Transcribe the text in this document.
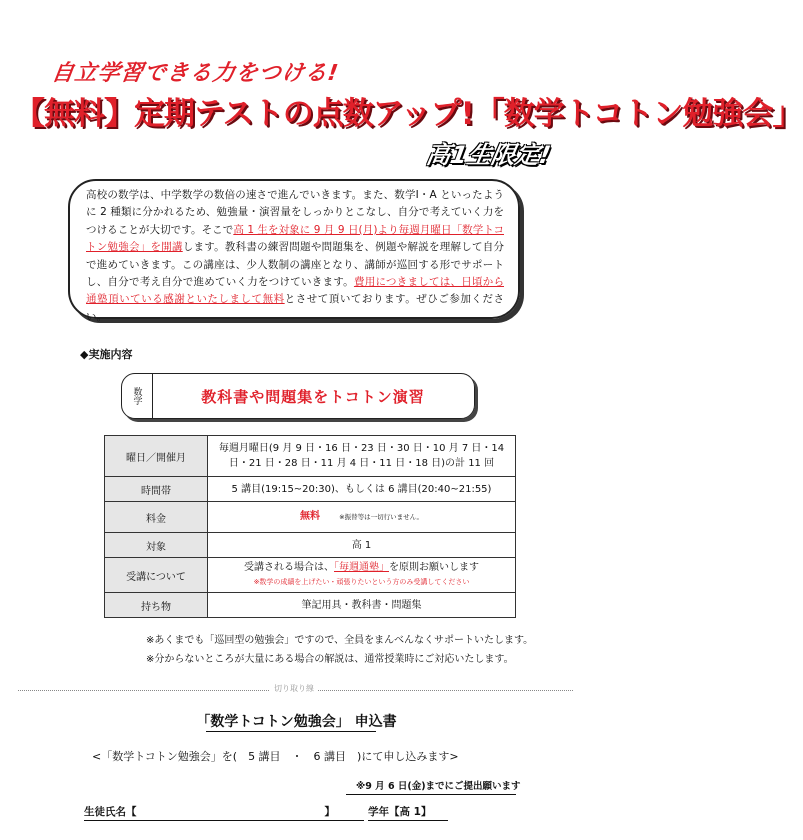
自立学習できる力をつける!
【無料】定期テストの点数アップ!「数学トコトン勉強会」
高1生限定!
高校の数学は、中学数学の数倍の速さで進んでいきます。また、数学Ⅰ・A といったように 2 種類に分かれるため、勉強量・演習量をしっかりとこなし、自分で考えていく力をつけることが大切です。そこで高 1 生を対象に 9 月 9 日(月)より毎週月曜日「数学トコトン勉強会」を開講します。教科書の練習問題や問題集を、例題や解説を理解して自分で進めていきます。この講座は、少人数制の講座となり、講師が巡回する形でサポートし、自分で考え自分で進めていく力をつけていきます。費用につきましては、日頃から通塾頂いている感謝といたしまして無料とさせて頂いております。ぜひご参加ください。
◆実施内容
数学	教科書や問題集をトコトン演習
曜日／開催月	毎週月曜日(9 月 9 日・16 日・23 日・30 日・10 月 7 日・14 日・21 日・28 日・11 月 4 日・11 日・18 日)の計 11 回
時間帯	5 講目(19:15~20:30)、もしくは 6 講目(20:40~21:55)
料金	無料 ※振替等は一切行いません。
対象	高 1
受講について	受講される場合は、「毎週通塾」を原則お願いします
※数学の成績を上げたい・頑張りたいという方のみ受講してください

持ち物	筆記用具・教科書・問題集
※あくまでも「巡回型の勉強会」ですので、全員をまんべんなくサポートいたします。
※分からないところが大量にある場合の解説は、通常授業時にご対応いたします。
切り取り線
「数学トコトン勉強会」 申込書
<「数学トコトン勉強会」を(　5 講目　・　6 講目　)にて申し込みます>
※9 月 6 日(金)までにご提出願います
生徒氏名【	】	学年【高 1】
